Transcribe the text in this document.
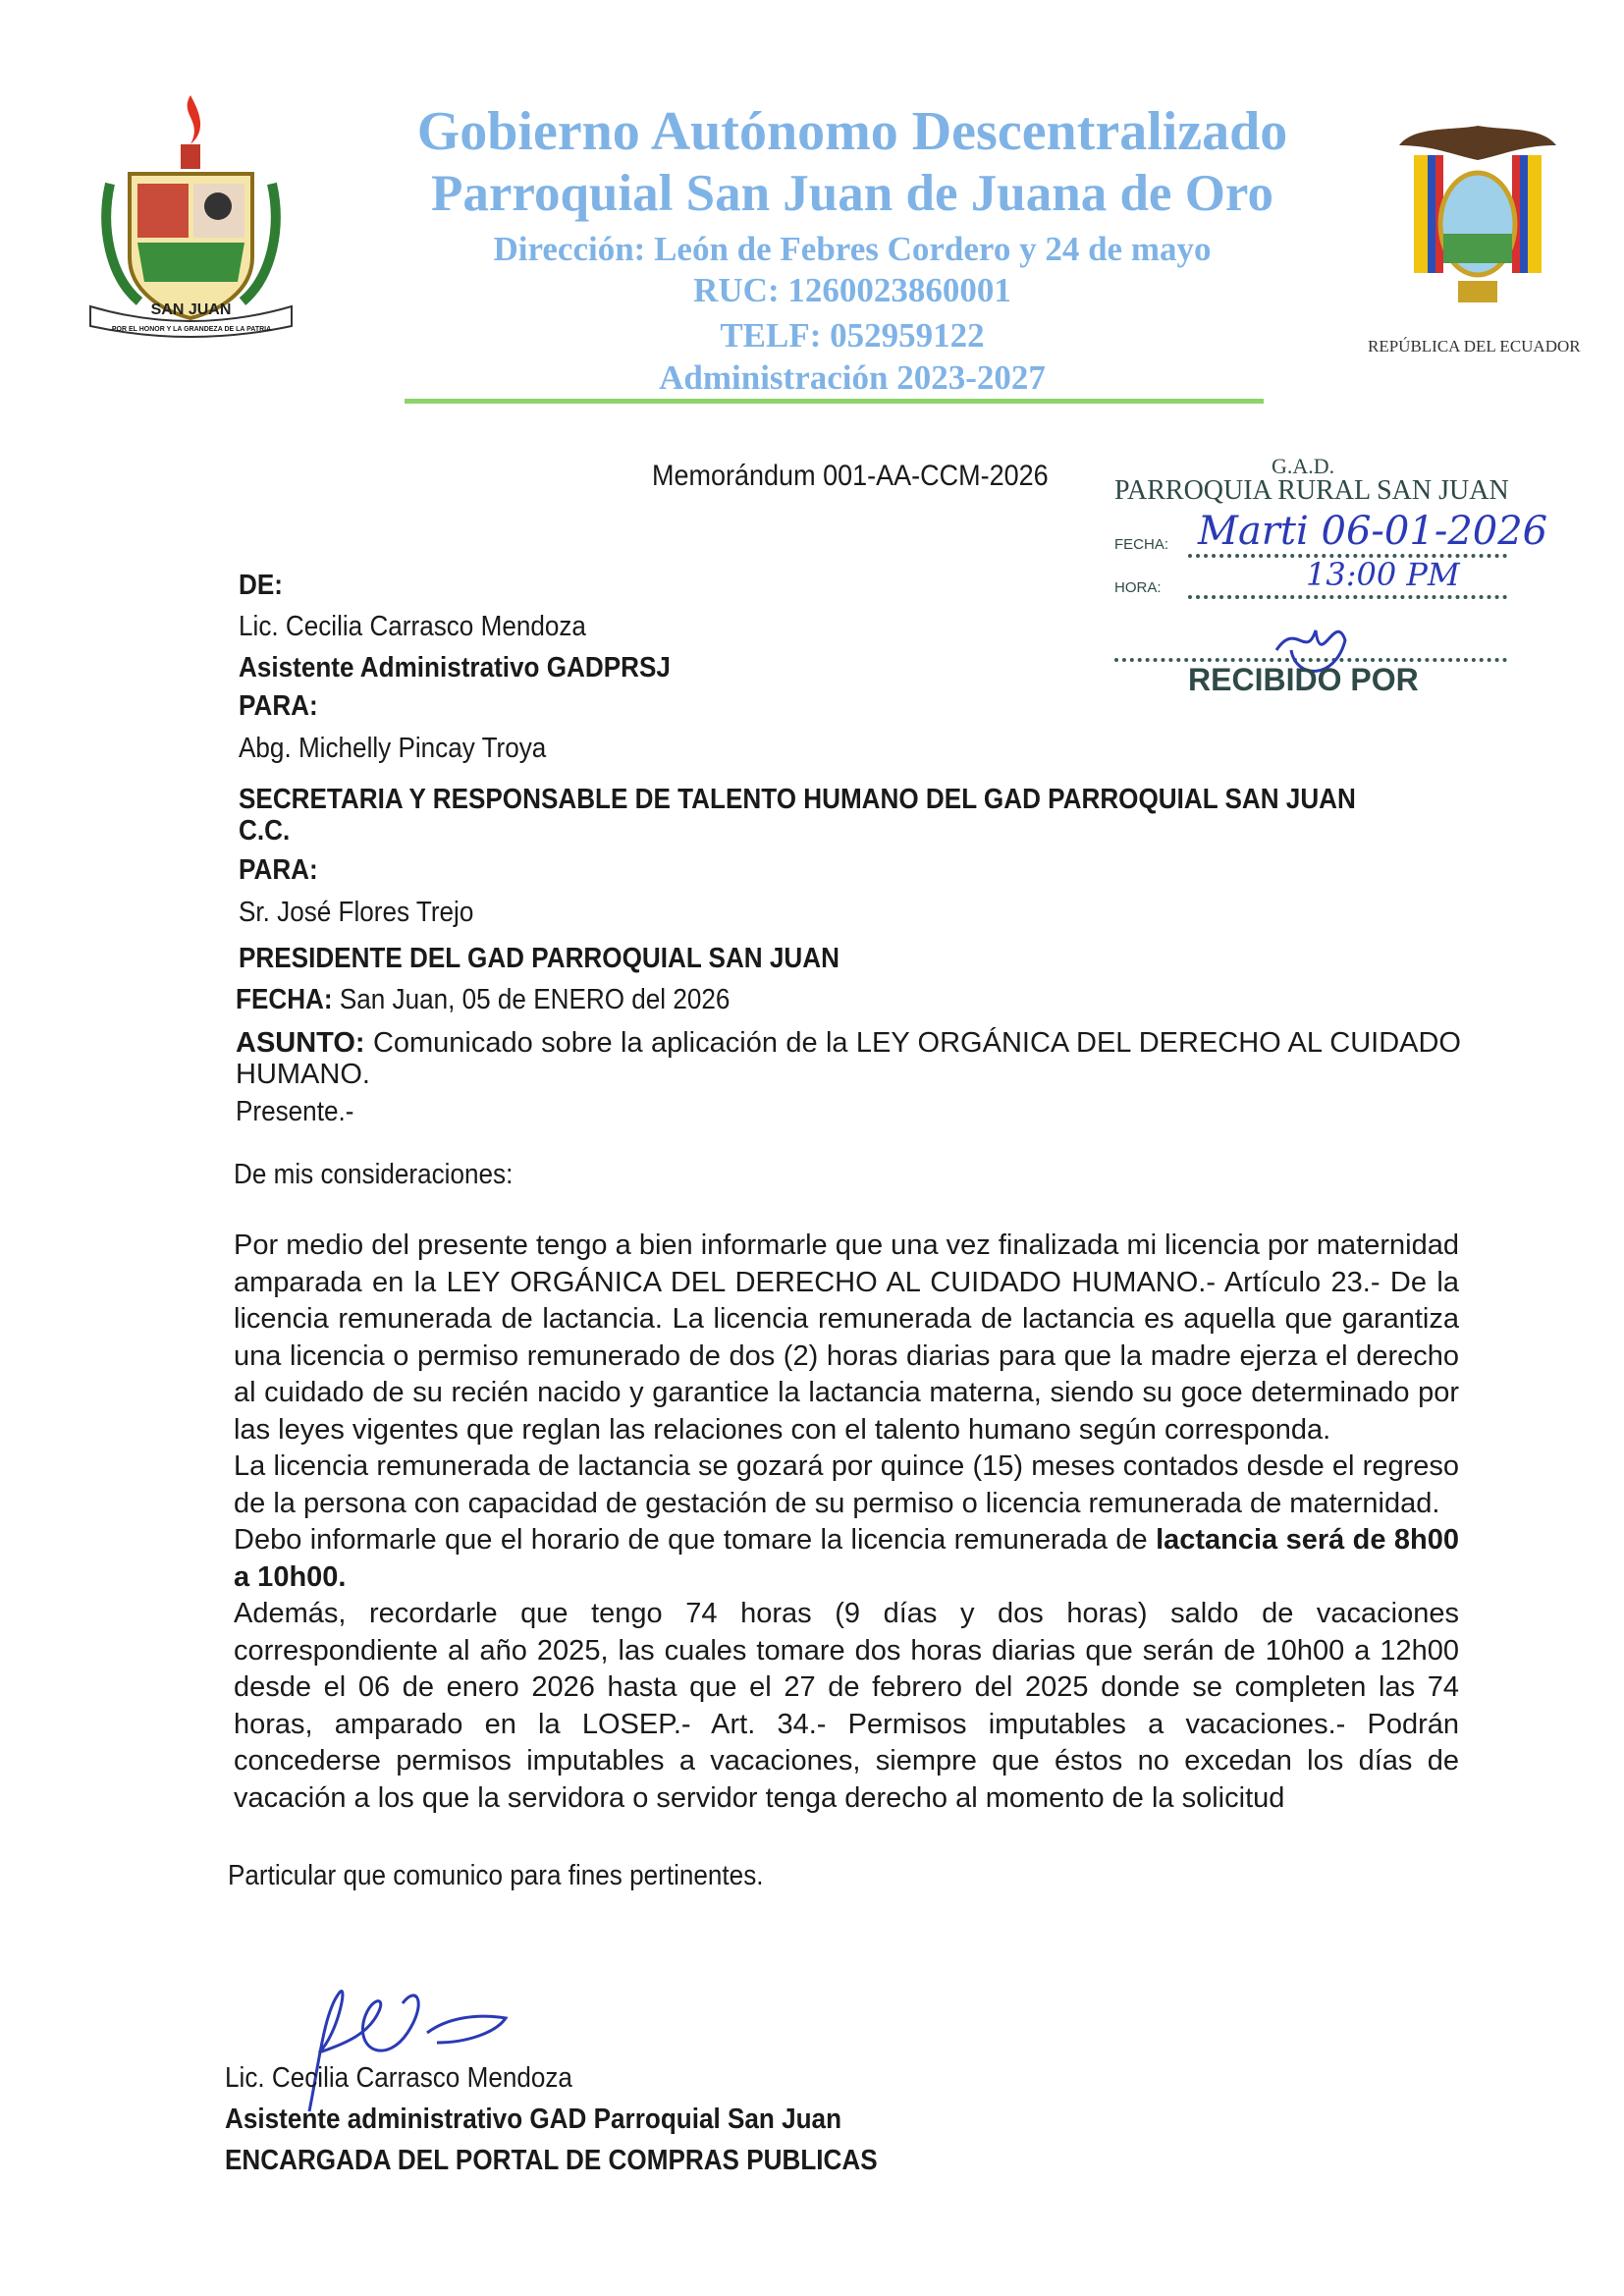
SAN JUAN
POR EL HONOR Y LA GRANDEZA DE LA PATRIA
Gobierno Autónomo Descentralizado
Parroquial San Juan de Juana de Oro
Dirección: León de Febres Cordero y 24 de mayo
RUC: 1260023860001
TELF: 052959122
Administración 2023-2027
REPÚBLICA DEL ECUADOR
Memorándum 001-AA-CCM-2026	G.A.D.
PARROQUIA RURAL SAN JUAN
FECHA: Marti 06-01-2026
HORA:	13:00 PM
RECIBIDO POR
DE:
Lic. Cecilia Carrasco Mendoza
Asistente Administrativo GADPRSJ
PARA:
Abg. Michelly Pincay Troya
SECRETARIA Y RESPONSABLE DE TALENTO HUMANO DEL GAD PARROQUIAL SAN JUAN
C.C.
PARA:
Sr. José Flores Trejo
PRESIDENTE DEL GAD PARROQUIAL SAN JUAN
FECHA: San Juan, 05 de ENERO del 2026
ASUNTO: Comunicado sobre la aplicación de la LEY ORGÁNICA DEL DERECHO AL CUIDADO HUMANO.
Presente.-
De mis consideraciones:

Por medio del presente tengo a bien informarle que una vez finalizada mi licencia por maternidad amparada en la LEY ORGÁNICA DEL DERECHO AL CUIDADO HUMANO.- Artículo 23.- De la licencia remunerada de lactancia. La licencia remunerada de lactancia es aquella que garantiza una licencia o permiso remunerado de dos (2) horas diarias para que la madre ejerza el derecho al cuidado de su recién nacido y garantice la lactancia materna, siendo su goce determinado por las leyes vigentes que reglan las relaciones con el talento humano según corresponda.

La licencia remunerada de lactancia se gozará por quince (15) meses contados desde el regreso de la persona con capacidad de gestación de su permiso o licencia remunerada de maternidad.

Debo informarle que el horario de que tomare la licencia remunerada de lactancia será de 8h00 a 10h00.

Además, recordarle que tengo 74 horas (9 días y dos horas) saldo de vacaciones correspondiente al año 2025, las cuales tomare dos horas diarias que serán de 10h00 a 12h00 desde el 06 de enero 2026 hasta que el 27 de febrero del 2025 donde se completen las 74 horas, amparado en la LOSEP.- Art. 34.- Permisos imputables a vacaciones.- Podrán concederse permisos imputables a vacaciones, siempre que éstos no excedan los días de vacación a los que la servidora o servidor tenga derecho al momento de la solicitud

Particular que comunico para fines pertinentes.
Lic. Cecilia Carrasco Mendoza
Asistente administrativo GAD Parroquial San Juan
ENCARGADA DEL PORTAL DE COMPRAS PUBLICAS
